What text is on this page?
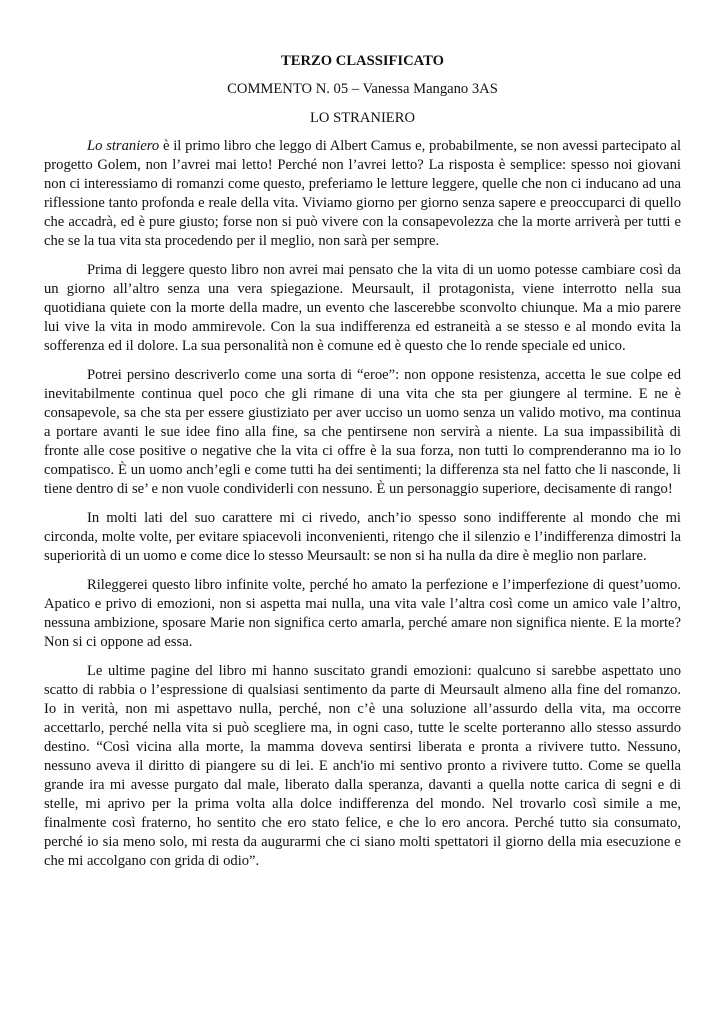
TERZO CLASSIFICATO

COMMENTO N. 05 – Vanessa Mangano 3AS

LO STRANIERO

Lo straniero è il primo libro che leggo di Albert Camus e, probabilmente, se non avessi partecipato al progetto Golem, non l’avrei mai letto! Perché non l’avrei letto? La risposta è semplice: spesso noi giovani non ci interessiamo di romanzi come questo, preferiamo le letture leggere, quelle che non ci inducano ad una riflessione tanto profonda e reale della vita. Viviamo giorno per giorno senza sapere e preoccuparci di quello che accadrà, ed è pure giusto; forse non si può vivere con la consapevolezza che la morte arriverà per tutti e che se la tua vita sta procedendo per il meglio, non sarà per sempre.

Prima di leggere questo libro non avrei mai pensato che la vita di un uomo potesse cambiare così da un giorno all’altro senza una vera spiegazione. Meursault, il protagonista, viene interrotto nella sua quotidiana quiete con la morte della madre, un evento che lascerebbe sconvolto chiunque. Ma a mio parere lui vive la vita in modo ammirevole. Con la sua indifferenza ed estraneità a se stesso e al mondo evita la sofferenza ed il dolore. La sua personalità non è comune ed è questo che lo rende speciale ed unico.

Potrei persino descriverlo come una sorta di “eroe”: non oppone resistenza, accetta le sue colpe ed inevitabilmente continua quel poco che gli rimane di una vita che sta per giungere al termine. E ne è consapevole, sa che sta per essere giustiziato per aver ucciso un uomo senza un valido motivo, ma continua a portare avanti le sue idee fino alla fine, sa che pentirsene non servirà a niente. La sua impassibilità di fronte alle cose positive o negative che la vita ci offre è la sua forza, non tutti lo comprenderanno ma io lo compatisco. È un uomo anch’egli e come tutti ha dei sentimenti; la differenza sta nel fatto che li nasconde, li tiene dentro di se’ e non vuole condividerli con nessuno. È un personaggio superiore, decisamente di rango!

In molti lati del suo carattere mi ci rivedo, anch’io spesso sono indifferente al mondo che mi circonda, molte volte, per evitare spiacevoli inconvenienti, ritengo che il silenzio e l’indifferenza dimostri la superiorità di un uomo e come dice lo stesso Meursault: se non si ha nulla da dire è meglio non parlare.

Rileggerei questo libro infinite volte, perché ho amato la perfezione e l’imperfezione di quest’uomo. Apatico e privo di emozioni, non si aspetta mai nulla, una vita vale l’altra così come un amico vale l’altro, nessuna ambizione, sposare Marie non significa certo amarla, perché amare non significa niente. E la morte? Non si ci oppone ad essa.

Le ultime pagine del libro mi hanno suscitato grandi emozioni: qualcuno si sarebbe aspettato uno scatto di rabbia o l’espressione di qualsiasi sentimento da parte di Meursault almeno alla fine del romanzo. Io in verità, non mi aspettavo nulla, perché, non c’è una soluzione all’assurdo della vita, ma occorre accettarlo, perché nella vita si può scegliere ma, in ogni caso, tutte le scelte porteranno allo stesso assurdo destino. “Così vicina alla morte, la mamma doveva sentirsi liberata e pronta a rivivere tutto. Nessuno, nessuno aveva il diritto di piangere su di lei. E anch'io mi sentivo pronto a rivivere tutto. Come se quella grande ira mi avesse purgato dal male, liberato dalla speranza, davanti a quella notte carica di segni e di stelle, mi aprivo per la prima volta alla dolce indifferenza del mondo. Nel trovarlo così simile a me, finalmente così fraterno, ho sentito che ero stato felice, e che lo ero ancora. Perché tutto sia consumato, perché io sia meno solo, mi resta da augurarmi che ci siano molti spettatori il giorno della mia esecuzione e che mi accolgano con grida di odio”.
